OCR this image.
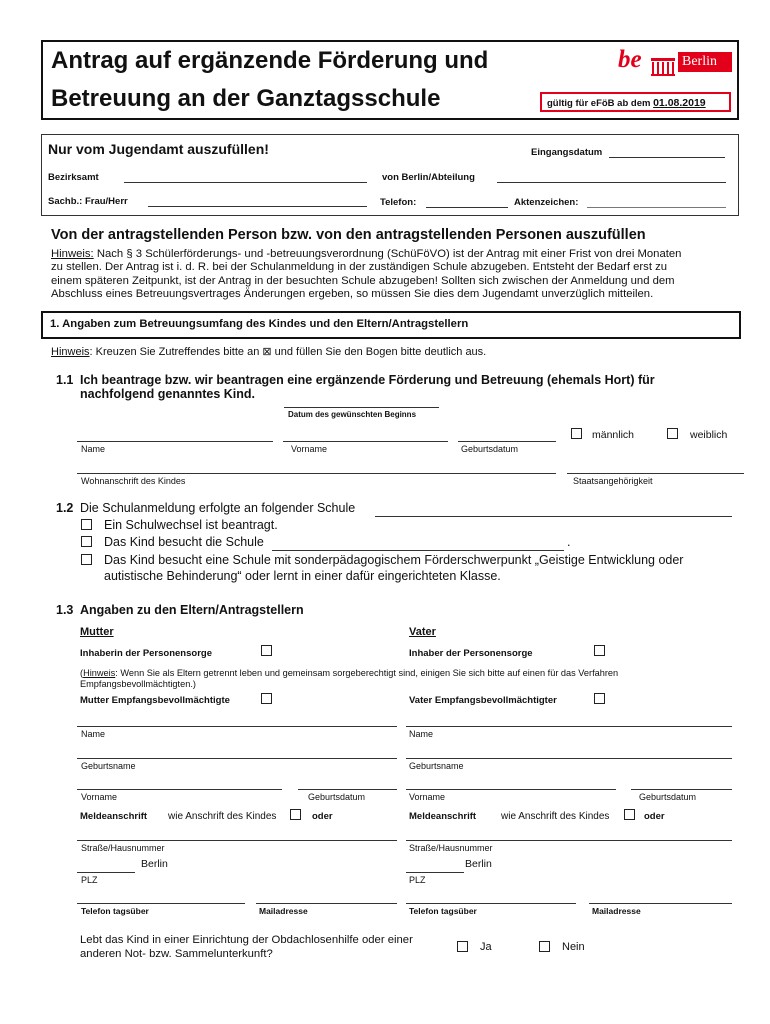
Antrag auf ergänzende Förderung und
Betreuung an der Ganztagsschule
be	Berlin
gültig für eFöB ab dem 01.08.2019
Nur vom Jugendamt auszufüllen!	Eingangsdatum
Bezirksamt	von Berlin/Abteilung
Sachb.: Frau/Herr	Telefon:	Aktenzeichen:
Von der antragstellenden Person bzw. von den antragstellenden Personen auszufüllen
Hinweis: Nach § 3 Schülerförderungs- und -betreuungsverordnung (SchüFöVO) ist der Antrag mit einer Frist von drei Monaten
zu stellen. Der Antrag ist i. d. R. bei der Schulanmeldung in der zuständigen Schule abzugeben. Entsteht der Bedarf erst zu
einem späteren Zeitpunkt, ist der Antrag in der besuchten Schule abzugeben! Sollten sich zwischen der Anmeldung und dem
Abschluss eines Betreuungsvertrages Änderungen ergeben, so müssen Sie dies dem Jugendamt unverzüglich mitteilen.
1. Angaben zum Betreuungsumfang des Kindes und den Eltern/Antragstellern
Hinweis: Kreuzen Sie Zutreffendes bitte an ⊠ und füllen Sie den Bogen bitte deutlich aus.
1.1 Ich beantrage bzw. wir beantragen eine ergänzende Förderung und Betreuung (ehemals Hort) für
nachfolgend genanntes Kind.
Datum des gewünschten Beginns
männlich	weiblich
Name	Vorname	Geburtsdatum
Wohnanschrift des Kindes	Staatsangehörigkeit
1.2 Die Schulanmeldung erfolgte an folgender Schule
Ein Schulwechsel ist beantragt.
Das Kind besucht die Schule	.
Das Kind besucht eine Schule mit sonderpädagogischem Förderschwerpunkt „Geistige Entwicklung oder
autistische Behinderung“ oder lernt in einer dafür eingerichteten Klasse.
1.3 Angaben zu den Eltern/Antragstellern
Mutter	Vater
Inhaberin der Personensorge	Inhaber der Personensorge
(Hinweis: Wenn Sie als Eltern getrennt leben und gemeinsam sorgeberechtigt sind, einigen Sie sich bitte auf einen für das Verfahren
Empfangsbevollmächtigten.)
Mutter Empfangsbevollmächtigte	Vater Empfangsbevollmächtigter
Name	Name
Geburtsname	Geburtsname
Vorname	Geburtsdatum	Vorname	Geburtsdatum
Meldeanschrift wie Anschrift des Kindes	oder	Meldeanschrift wie Anschrift des Kindes	oder
Straße/Hausnummer	Straße/Hausnummer
Berlin	Berlin
PLZ	PLZ
Telefon tagsüber	Mailadresse	Telefon tagsüber	Mailadresse
Lebt das Kind in einer Einrichtung der Obdachlosenhilfe oder einer
anderen Not- bzw. Sammelunterkunft?
Ja	Nein
